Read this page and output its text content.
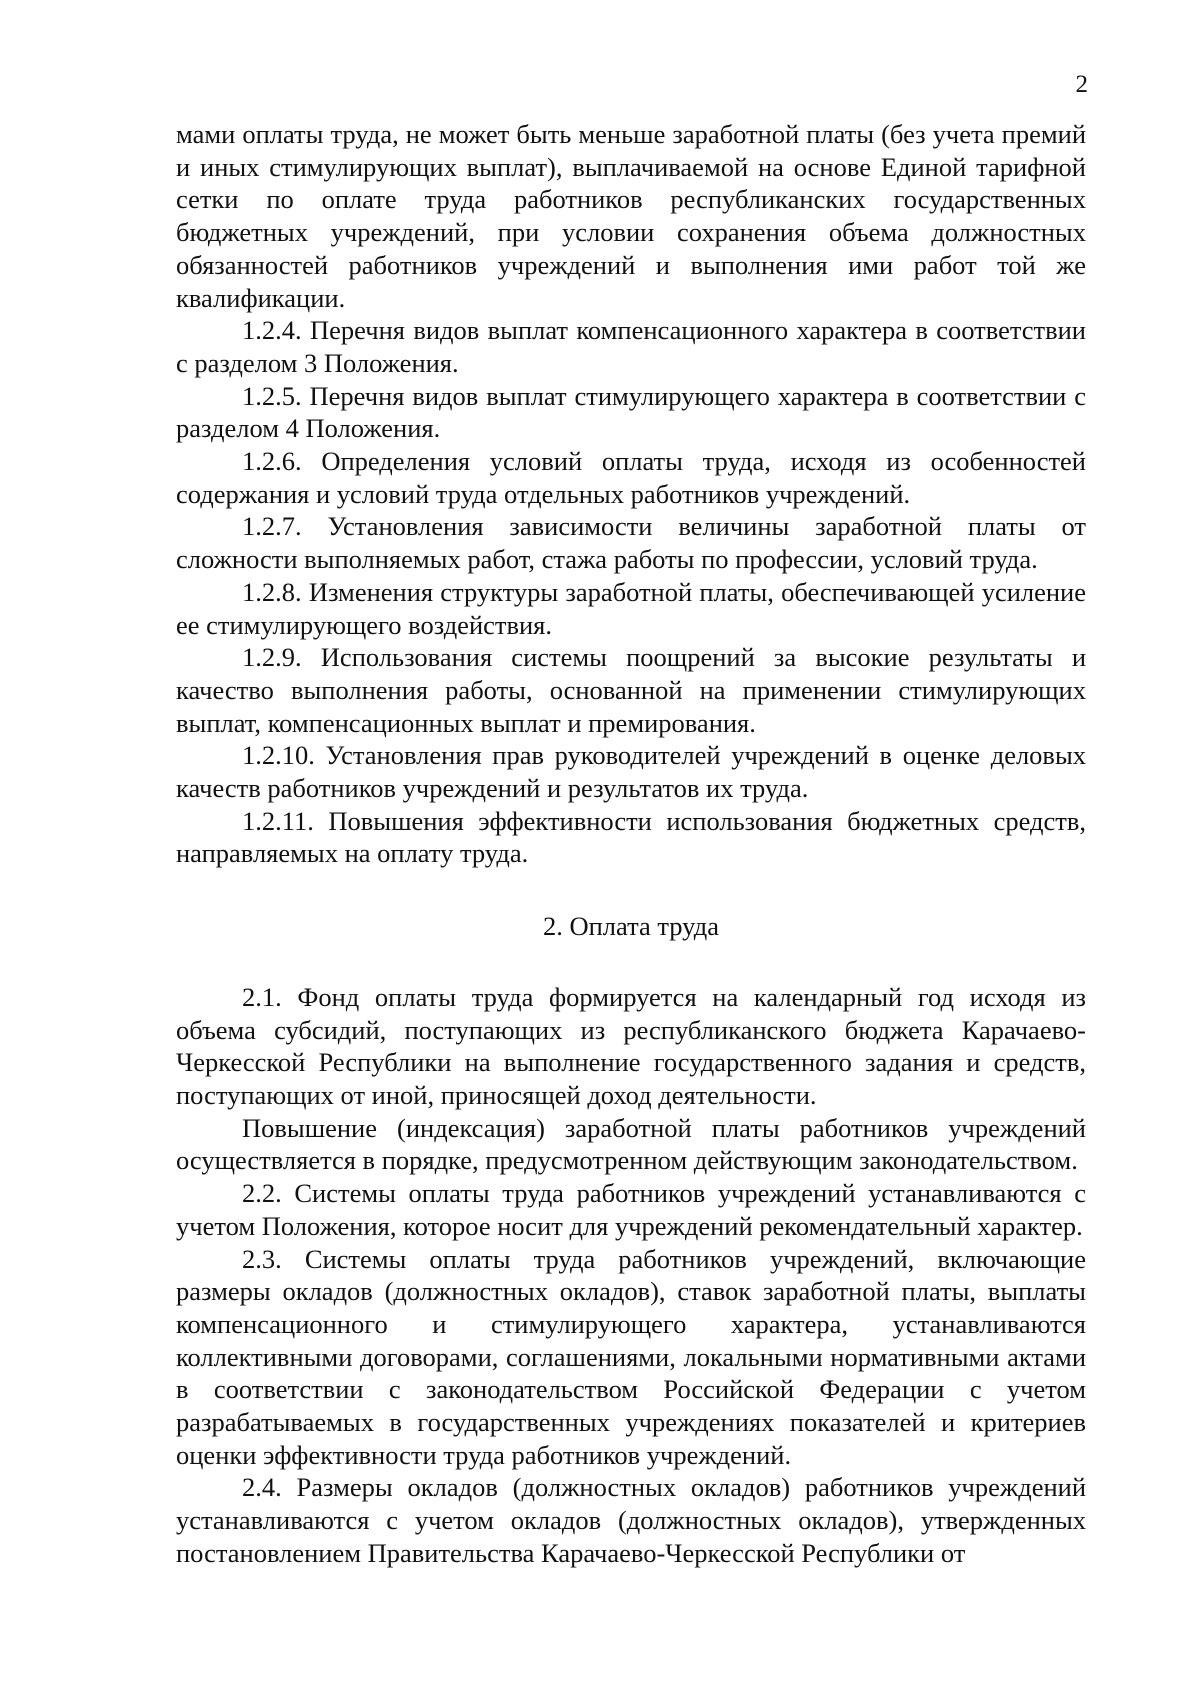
2

мами оплаты труда, не может быть меньше заработной платы (без учета премий и иных стимулирующих выплат), выплачиваемой на основе Единой тарифной сетки по оплате труда работников республиканских государственных бюджетных учреждений, при условии сохранения объема должностных обязанностей работников учреждений и выполнения ими работ той же квалификации.

1.2.4. Перечня видов выплат компенсационного характера в соответствии с разделом 3 Положения.

1.2.5. Перечня видов выплат стимулирующего характера в соответствии с разделом 4 Положения.

1.2.6. Определения условий оплаты труда, исходя из особенностей содержания и условий труда отдельных работников учреждений.

1.2.7. Установления зависимости величины заработной платы от сложности выполняемых работ, стажа работы по профессии, условий труда.

1.2.8. Изменения структуры заработной платы, обеспечивающей усиление ее стимулирующего воздействия.

1.2.9. Использования системы поощрений за высокие результаты и качество выполнения работы, основанной на применении стимулирующих выплат, компенсационных выплат и премирования.

1.2.10. Установления прав руководителей учреждений в оценке деловых качеств работников учреждений и результатов их труда.

1.2.11. Повышения эффективности использования бюджетных средств, направляемых на оплату труда.

2. Оплата труда

2.1. Фонд оплаты труда формируется на календарный год исходя из объема субсидий, поступающих из республиканского бюджета Карачаево-Черкесской Республики на выполнение государственного задания и средств, поступающих от иной, приносящей доход деятельности.

Повышение (индексация) заработной платы работников учреждений осуществляется в порядке, предусмотренном действующим законодательством.

2.2. Системы оплаты труда работников учреждений устанавливаются с учетом Положения, которое носит для учреждений рекомендательный характер.

2.3. Системы оплаты труда работников учреждений, включающие размеры окладов (должностных окладов), ставок заработной платы, выплаты компенсационного и стимулирующего характера, устанавливаются коллективными договорами, соглашениями, локальными нормативными актами в соответствии с законодательством Российской Федерации с учетом разрабатываемых в государственных учреждениях показателей и критериев оценки эффективности труда работников учреждений.

2.4. Размеры окладов (должностных окладов) работников учреждений устанавливаются с учетом окладов (должностных окладов), утвержденных постановлением Правительства Карачаево-Черкесской Республики от
